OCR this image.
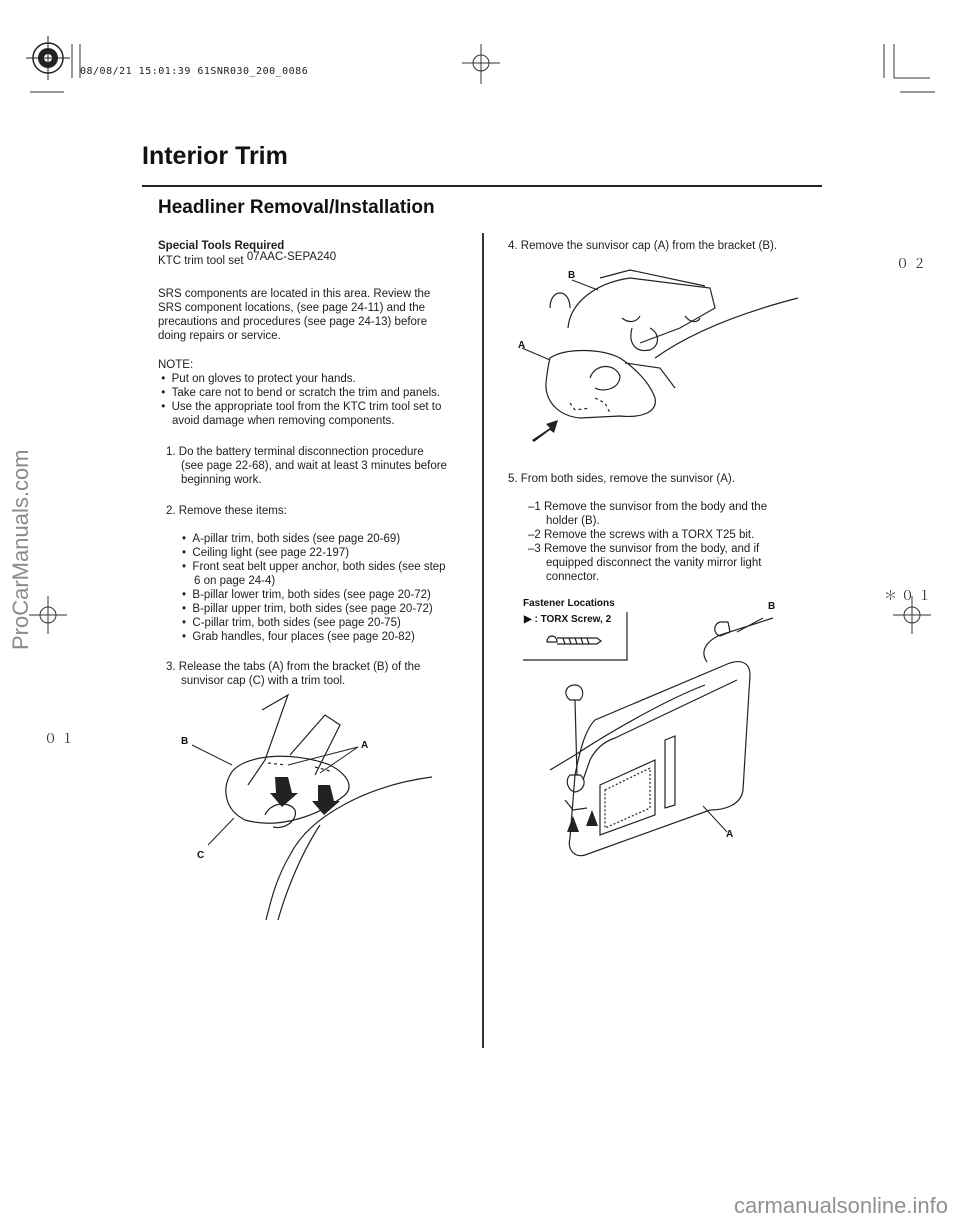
08/08/21 15:01:39 61SNR030_200_0086
ProCarManuals.com
Interior Trim
Headliner Removal/Installation
０２
＊０１
０１
Special Tools Required
KTC trim tool set 07AAC-SEPA240
SRS components are located in this area. Review the
SRS component locations, (see page 24-11) and the
precautions and procedures (see page 24-13) before
doing repairs or service.
NOTE:
•  Put on gloves to protect your hands.
•  Take care not to bend or scratch the trim and panels.
•  Use the appropriate tool from the KTC trim tool set to
avoid damage when removing components.
1. Do the battery terminal disconnection procedure
(see page 22-68), and wait at least 3 minutes before
beginning work.
2. Remove these items:
•  A-pillar trim, both sides (see page 20-69)
•  Ceiling light (see page 22-197)
•  Front seat belt upper anchor, both sides (see step
6 on page 24-4)
•  B-pillar lower trim, both sides (see page 20-72)
•  B-pillar upper trim, both sides (see page 20-72)
•  C-pillar trim, both sides (see page 20-75)
•  Grab handles, four places (see page 20-82)
3. Release the tabs (A) from the bracket (B) of the
sunvisor cap (C) with a trim tool.
B	A
C
4. Remove the sunvisor cap (A) from the bracket (B).
B
A
5. From both sides, remove the sunvisor (A).
–1 Remove the sunvisor from the body and the
holder (B).
–2 Remove the screws with a TORX T25 bit.
–3 Remove the sunvisor from the body, and if
equipped disconnect the vanity mirror light
connector.
Fastener Locations
▶ : TORX Screw, 2
B
A
carmanualsonline.info
